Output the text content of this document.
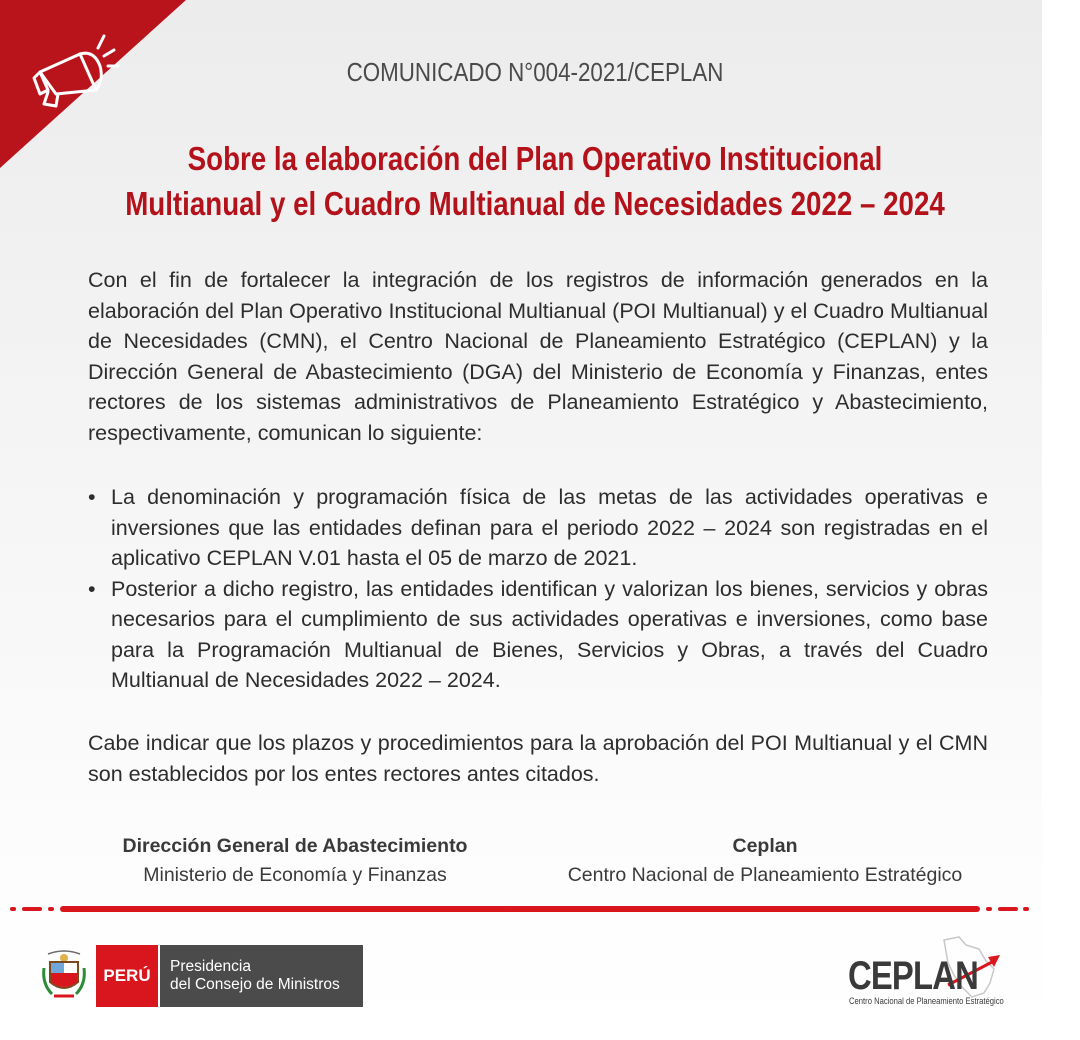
COMUNICADO N°004-2021/CEPLAN
Sobre la elaboración del Plan Operativo Institucional
Multianual y el Cuadro Multianual de Necesidades 2022 – 2024
Con el fin de fortalecer la integración de los registros de información generados en la elaboración del Plan Operativo Institucional Multianual (POI Multianual) y el Cuadro Multianual de Necesidades (CMN), el Centro Nacional de Planeamiento Estratégico (CEPLAN) y la Dirección General de Abastecimiento (DGA) del Ministerio de Economía y Finanzas, entes rectores de los sistemas administrativos de Planeamiento Estratégico y Abastecimiento, respectivamente, comunican lo siguiente:
• La denominación y programación física de las metas de las actividades operativas e inversiones que las entidades definan para el periodo 2022 – 2024 son registradas en el aplicativo CEPLAN V.01 hasta el 05 de marzo de 2021.
• Posterior a dicho registro, las entidades identifican y valorizan los bienes, servicios y obras necesarios para el cumplimiento de sus actividades operativas e inversiones, como base para la Programación Multianual de Bienes, Servicios y Obras, a través del Cuadro Multianual de Necesidades 2022 – 2024.
Cabe indicar que los plazos y procedimientos para la aprobación del POI Multianual y el CMN son establecidos por los entes rectores antes citados.
Dirección General de Abastecimiento
Ministerio de Economía y Finanzas
Ceplan
Centro Nacional de Planeamiento Estratégico
PERÚ	Presidencia
del Consejo de Ministros	CEPLAN
Centro Nacional de Planeamiento Estratégico
